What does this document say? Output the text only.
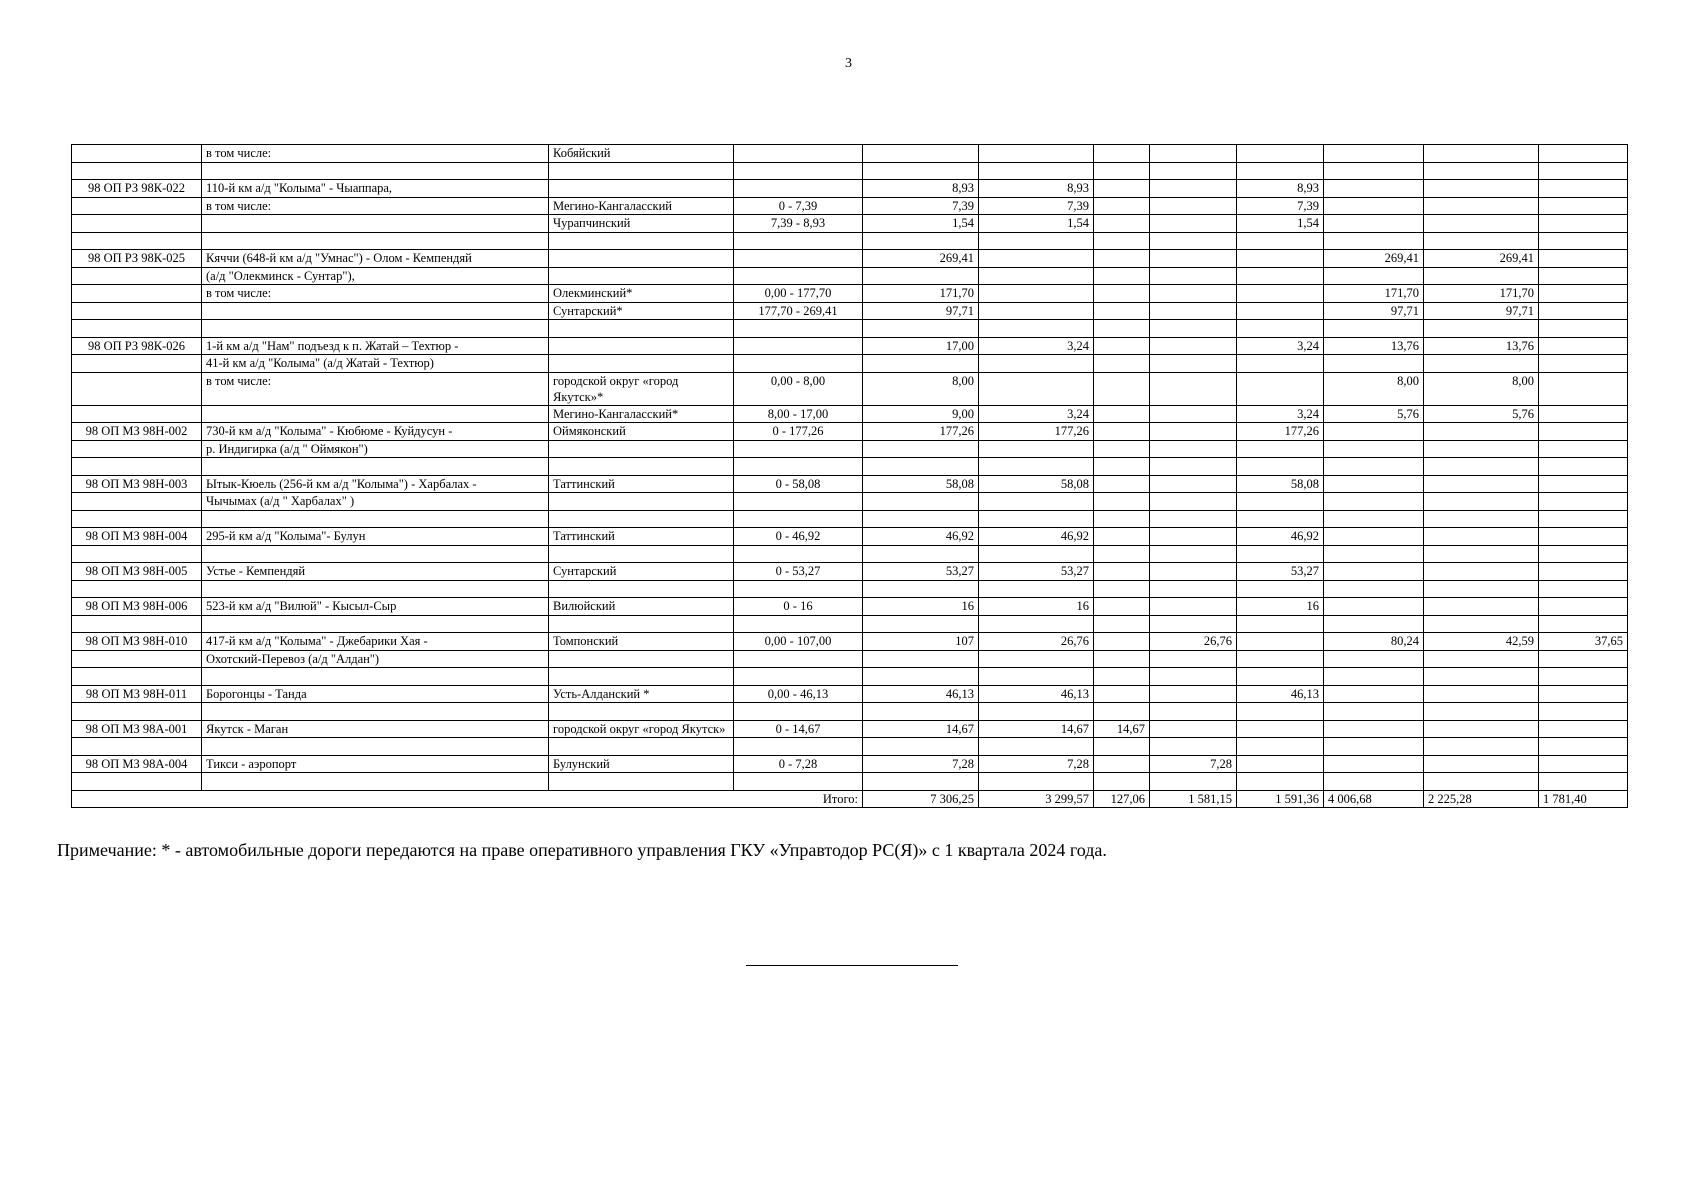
3
	в том числе:	Кобяйский									

98 ОП РЗ 98К-022	110-й км а/д "Колыма" - Чыаппара,			8,93	8,93			8,93			
	в том числе:	Мегино-Кангаласский	0 - 7,39	7,39	7,39			7,39			
		Чурапчинский	7,39 - 8,93	1,54	1,54			1,54			

98 ОП РЗ 98К-025	Кяччи (648-й км а/д "Умнас") - Олом - Кемпендяй			269,41					269,41	269,41	
	(а/д "Олекминск - Сунтар"),										
	в том числе:	Олекминский*	0,00 - 177,70	171,70					171,70	171,70	
		Сунтарский*	177,70 - 269,41	97,71					97,71	97,71	

98 ОП РЗ 98К-026	1-й км а/д "Нам" подъезд к п. Жатай – Техтюр -			17,00	3,24			3,24	13,76	13,76	
	41-й км а/д "Колыма" (а/д Жатай - Техтюр)										
	в том числе:	городской округ «город Якутск»*	0,00 - 8,00	8,00					8,00	8,00	
		Мегино-Кангаласский*	8,00 - 17,00	9,00	3,24			3,24	5,76	5,76	
98 ОП МЗ 98Н-002	730-й км а/д "Колыма" - Кюбюме - Куйдусун -	Оймяконский	0 - 177,26	177,26	177,26			177,26			
	р. Индигирка (а/д " Оймякон")										

98 ОП МЗ 98Н-003	Ытык-Кюель (256-й км а/д "Колыма") - Харбалах -	Таттинский	0 - 58,08	58,08	58,08			58,08			
	Чычымах (а/д " Харбалах" )										

98 ОП МЗ 98Н-004	295-й км а/д "Колыма"- Булун	Таттинский	0 - 46,92	46,92	46,92			46,92			

98 ОП МЗ 98Н-005	Устье - Кемпендяй	Сунтарский	0 - 53,27	53,27	53,27			53,27			

98 ОП МЗ 98Н-006	523-й км а/д "Вилюй" - Кысыл-Сыр	Вилюйский	0 - 16	16	16			16			

98 ОП МЗ 98Н-010	417-й км а/д "Колыма" - Джебарики Хая -	Томпонский	0,00 - 107,00	107	26,76		26,76		80,24	42,59	37,65
	Охотский-Перевоз (а/д "Алдан")										

98 ОП МЗ 98Н-011	Борогонцы - Танда	Усть-Алданский *	0,00 - 46,13	46,13	46,13			46,13			

98 ОП МЗ 98А-001	Якутск - Маган	городской округ «город Якутск»	0 - 14,67	14,67	14,67	14,67					

98 ОП МЗ 98А-004	Тикси - аэропорт	Булунский	0 - 7,28	7,28	7,28		7,28				

Итого:				7 306,25	3 299,57	127,06	1 581,15	1 591,36	4 006,68	2 225,28	1 781,40
Примечание: * - автомобильные дороги передаются на праве оперативного управления ГКУ «Управтодор РС(Я)» с 1 квартала 2024 года.
